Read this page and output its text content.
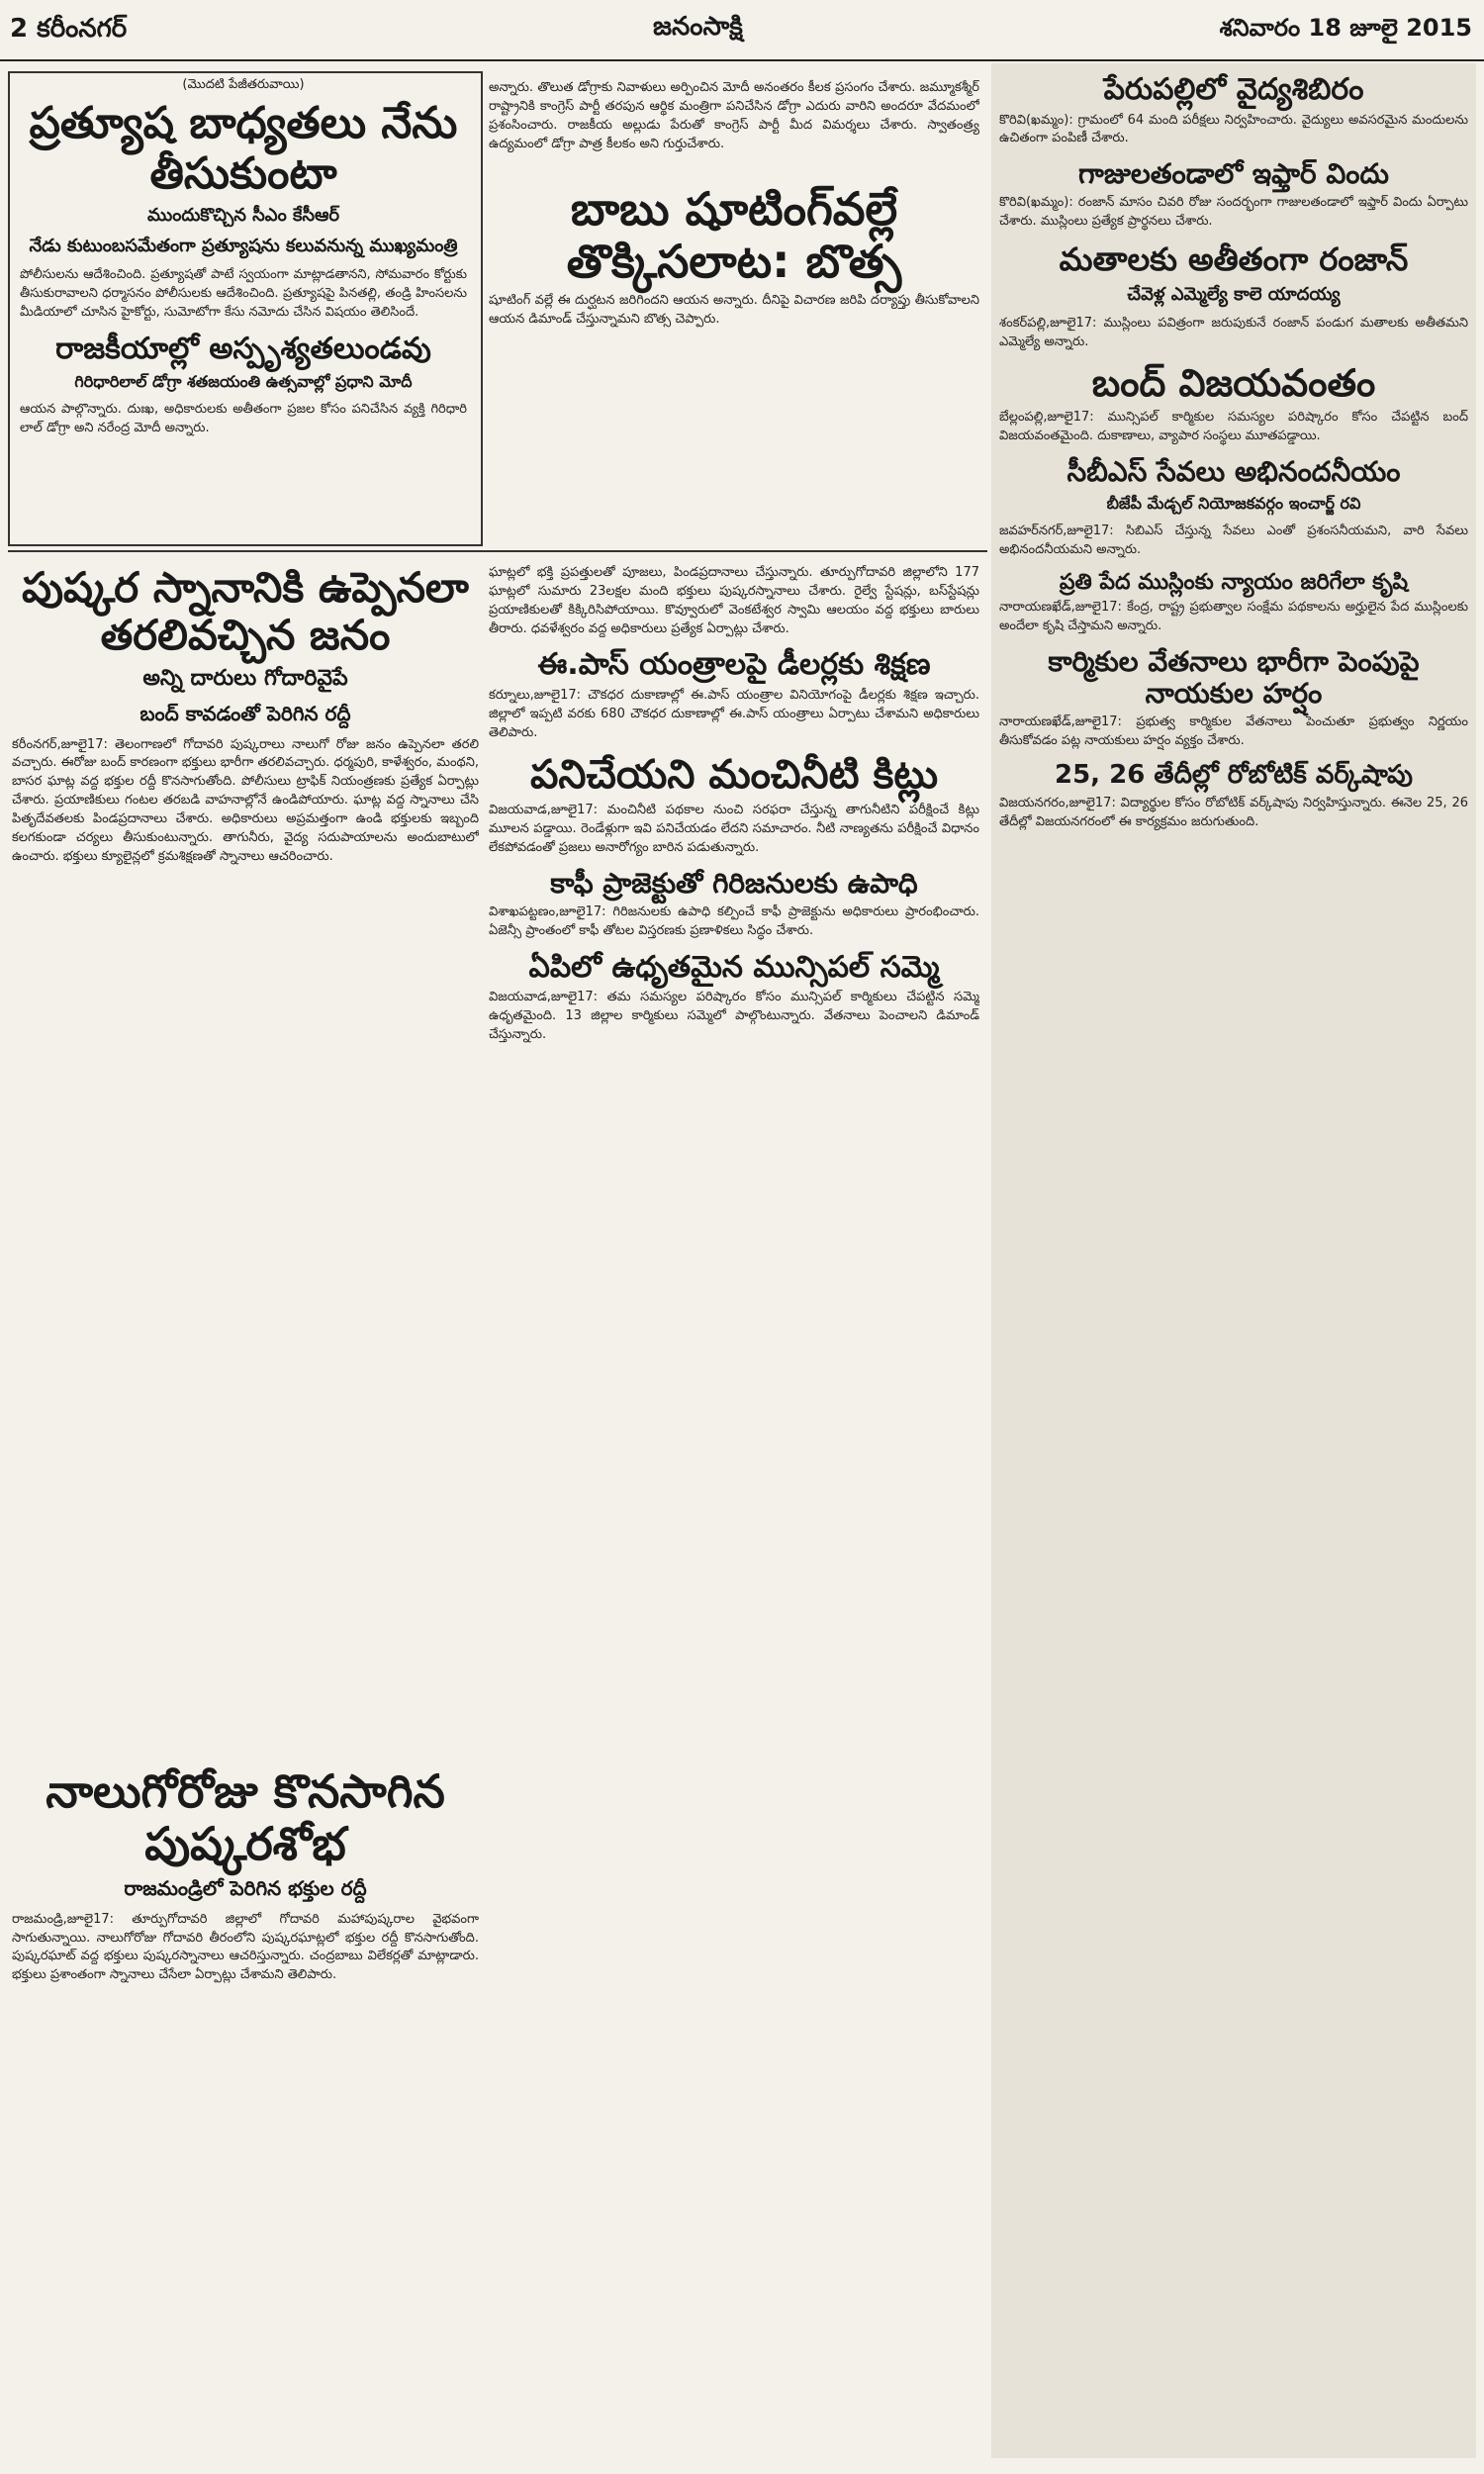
2 కరీంనగర్	జనంసాక్షి	శనివారం 18 జూలై 2015
(మొదటి పేజీతరువాయి)
ప్రత్యూష బాధ్యతలు నేను తీసుకుంటా
ముందుకొచ్చిన సీఎం కేసీఆర్
నేడు కుటుంబసమేతంగా ప్రత్యూషను కలువనున్న ముఖ్యమంత్రి
పోలీసులను ఆదేశించింది. ప్రత్యూషతో పాటే స్వయంగా మాట్లాడతానని, సోమవారం కోర్టుకు తీసుకురావాలని ధర్మాసనం పోలీసులకు ఆదేశించింది. ప్రత్యూషపై పినతల్లి, తండ్రి హింసలను మీడియాలో చూసిన హైకోర్టు, సుమోటోగా కేసు నమోదు చేసిన విషయం తెలిసిందే.
రాజకీయాల్లో అస్పృశ్యతలుండవు
గిరిధారిలాల్ డోగ్రా శతజయంతి ఉత్సవాల్లో ప్రధాని మోదీ
ఆయన పాల్గొన్నారు. దుఃఖ, అధికారులకు అతీతంగా ప్రజల కోసం పనిచేసిన వ్యక్తి గిరిధారి లాల్ డోగ్రా అని నరేంద్ర మోదీ అన్నారు.
అన్నారు. తొలుత డోగ్రాకు నివాళులు అర్పించిన మోదీ అనంతరం కీలక ప్రసంగం చేశారు. జమ్మూకశ్మీర్ రాష్ట్రానికి కాంగ్రెస్ పార్టీ తరపున ఆర్థిక మంత్రిగా పనిచేసిన డోగ్రా ఎదురు వారిని అందరూ వేదమంలో ప్రశంసించారు. రాజకీయ అల్లుడు పేరుతో కాంగ్రెస్ పార్టీ మీద విమర్శలు చేశారు. స్వాతంత్ర్య ఉద్యమంలో డోగ్రా పాత్ర కీలకం అని గుర్తుచేశారు.
బాబు షూటింగ్‌వల్లే తొక్కిసలాట: బొత్స
షూటింగ్ వల్లే ఈ దుర్ఘటన జరిగిందని ఆయన అన్నారు. దీనిపై విచారణ జరిపి దర్యాప్తు తీసుకోవాలని ఆయన డిమాండ్ చేస్తున్నామని బొత్స చెప్పారు.
పుష్కర స్నానానికి ఉప్పెనలా తరలివచ్చిన జనం
అన్ని దారులు గోదారివైపే
బంద్ కావడంతో పెరిగిన రద్దీ
కరీంనగర్,జూలై17: తెలంగాణలో గోదావరి పుష్కరాలు నాలుగో రోజు జనం ఉప్పెనలా తరలి వచ్చారు. ఈరోజు బంద్ కారణంగా భక్తులు భారీగా తరలివచ్చారు. ధర్మపురి, కాళేశ్వరం, మంథని, బాసర ఘాట్ల వద్ద భక్తుల రద్దీ కొనసాగుతోంది. పోలీసులు ట్రాఫిక్ నియంత్రణకు ప్రత్యేక ఏర్పాట్లు చేశారు. ప్రయాణికులు గంటల తరబడి వాహనాల్లోనే ఉండిపోయారు. ఘాట్ల వద్ద స్నానాలు చేసి పితృదేవతలకు పిండప్రదానాలు చేశారు. అధికారులు అప్రమత్తంగా ఉండి భక్తులకు ఇబ్బంది కలగకుండా చర్యలు తీసుకుంటున్నారు. తాగునీరు, వైద్య సదుపాయాలను అందుబాటులో ఉంచారు. భక్తులు క్యూలైన్లలో క్రమశిక్షణతో స్నానాలు ఆచరించారు.
నాలుగోరోజు కొనసాగిన పుష్కరశోభ
రాజమండ్రిలో పెరిగిన భక్తుల రద్దీ
రాజమండ్రి,జూలై17: తూర్పుగోదావరి జిల్లాలో గోదావరి మహాపుష్కరాల వైభవంగా సాగుతున్నాయి. నాలుగోరోజు గోదావరి తీరంలోని పుష్కరఘాట్లలో భక్తుల రద్దీ కొనసాగుతోంది. పుష్కరఘాట్ వద్ద భక్తులు పుష్కరస్నానాలు ఆచరిస్తున్నారు. చంద్రబాబు విలేకర్లతో మాట్లాడారు. భక్తులు ప్రశాంతంగా స్నానాలు చేసేలా ఏర్పాట్లు చేశామని తెలిపారు.
ఘాట్లలో భక్తి ప్రపత్తులతో పూజలు, పిండప్రదానాలు చేస్తున్నారు. తూర్పుగోదావరి జిల్లాలోని 177 ఘాట్లలో సుమారు 23లక్షల మంది భక్తులు పుష్కరస్నానాలు చేశారు. రైల్వే స్టేషన్లు, బస్‌స్టేషన్లు ప్రయాణికులతో కిక్కిరిసిపోయాయి. కొవ్వూరులో వెంకటేశ్వర స్వామి ఆలయం వద్ద భక్తులు బారులు తీరారు. ధవళేశ్వరం వద్ద అధికారులు ప్రత్యేక ఏర్పాట్లు చేశారు.
ఈ.పాస్ యంత్రాలపై డీలర్లకు శిక్షణ
కర్నూలు,జూలై17: చౌకధర దుకాణాల్లో ఈ.పాస్ యంత్రాల వినియోగంపై డీలర్లకు శిక్షణ ఇచ్చారు. జిల్లాలో ఇప్పటి వరకు 680 చౌకధర దుకాణాల్లో ఈ.పాస్ యంత్రాలు ఏర్పాటు చేశామని అధికారులు తెలిపారు.
పనిచేయని మంచినీటి కిట్లు
విజయవాడ,జూలై17: మంచినీటి పథకాల నుంచి సరఫరా చేస్తున్న తాగునీటిని పరీక్షించే కిట్లు మూలన పడ్డాయి. రెండేళ్లుగా ఇవి పనిచేయడం లేదని సమాచారం. నీటి నాణ్యతను పరీక్షించే విధానం లేకపోవడంతో ప్రజలు అనారోగ్యం బారిన పడుతున్నారు.
కాఫీ ప్రాజెక్టుతో గిరిజనులకు ఉపాధి
విశాఖపట్టణం,జూలై17: గిరిజనులకు ఉపాధి కల్పించే కాఫీ ప్రాజెక్టును అధికారులు ప్రారంభించారు. ఏజెన్సీ ప్రాంతంలో కాఫీ తోటల విస్తరణకు ప్రణాళికలు సిద్ధం చేశారు.
ఏపిలో ఉధృతమైన మున్సిపల్ సమ్మె
విజయవాడ,జూలై17: తమ సమస్యల పరిష్కారం కోసం మున్సిపల్ కార్మికులు చేపట్టిన సమ్మె ఉధృతమైంది. 13 జిల్లాల కార్మికులు సమ్మెలో పాల్గొంటున్నారు. వేతనాలు పెంచాలని డిమాండ్ చేస్తున్నారు.
పేరుపల్లిలో వైద్యశిబిరం
కొరివి(ఖమ్మం): గ్రామంలో 64 మంది పరీక్షలు నిర్వహించారు. వైద్యులు అవసరమైన మందులను ఉచితంగా పంపిణీ చేశారు.
గాజులతండాలో ఇఫ్తార్ విందు
కొరివి(ఖమ్మం): రంజాన్ మాసం చివరి రోజు సందర్భంగా గాజులతండాలో ఇఫ్తార్ విందు ఏర్పాటు చేశారు. ముస్లింలు ప్రత్యేక ప్రార్థనలు చేశారు.
మతాలకు అతీతంగా రంజాన్
చేవెళ్ల ఎమ్మెల్యే కాలె యాదయ్య
శంకర్‌పల్లి,జూలై17: ముస్లింలు పవిత్రంగా జరుపుకునే రంజాన్ పండుగ మతాలకు అతీతమని ఎమ్మెల్యే అన్నారు.
బంద్ విజయవంతం
బేల్లంపల్లి,జూలై17: మున్సిపల్ కార్మికుల సమస్యల పరిష్కారం కోసం చేపట్టిన బంద్ విజయవంతమైంది. దుకాణాలు, వ్యాపార సంస్థలు మూతపడ్డాయి.
సీబీఎస్ సేవలు అభినందనీయం
బీజేపీ మేడ్చల్ నియోజకవర్గం ఇంచార్జ్ రవి
జవహర్‌నగర్,జూలై17: సిబిఎస్ చేస్తున్న సేవలు ఎంతో ప్రశంసనీయమని, వారి సేవలు అభినందనీయమని అన్నారు.
ప్రతి పేద ముస్లింకు న్యాయం జరిగేలా కృషి
నారాయణఖేడ్,జూలై17: కేంద్ర, రాష్ట్ర ప్రభుత్వాల సంక్షేమ పథకాలను అర్హులైన పేద ముస్లింలకు అందేలా కృషి చేస్తామని అన్నారు.
కార్మికుల వేతనాలు భారీగా పెంపుపై నాయకుల హర్షం
నారాయణఖేడ్,జూలై17: ప్రభుత్వ కార్మికుల వేతనాలు పెంచుతూ ప్రభుత్వం నిర్ణయం తీసుకోవడం పట్ల నాయకులు హర్షం వ్యక్తం చేశారు.
25, 26 తేదీల్లో రోబోటిక్ వర్క్‌షాపు
విజయనగరం,జూలై17: విద్యార్థుల కోసం రోబోటిక్ వర్క్‌షాపు నిర్వహిస్తున్నారు. ఈనెల 25, 26 తేదీల్లో విజయనగరంలో ఈ కార్యక్రమం జరుగుతుంది.
